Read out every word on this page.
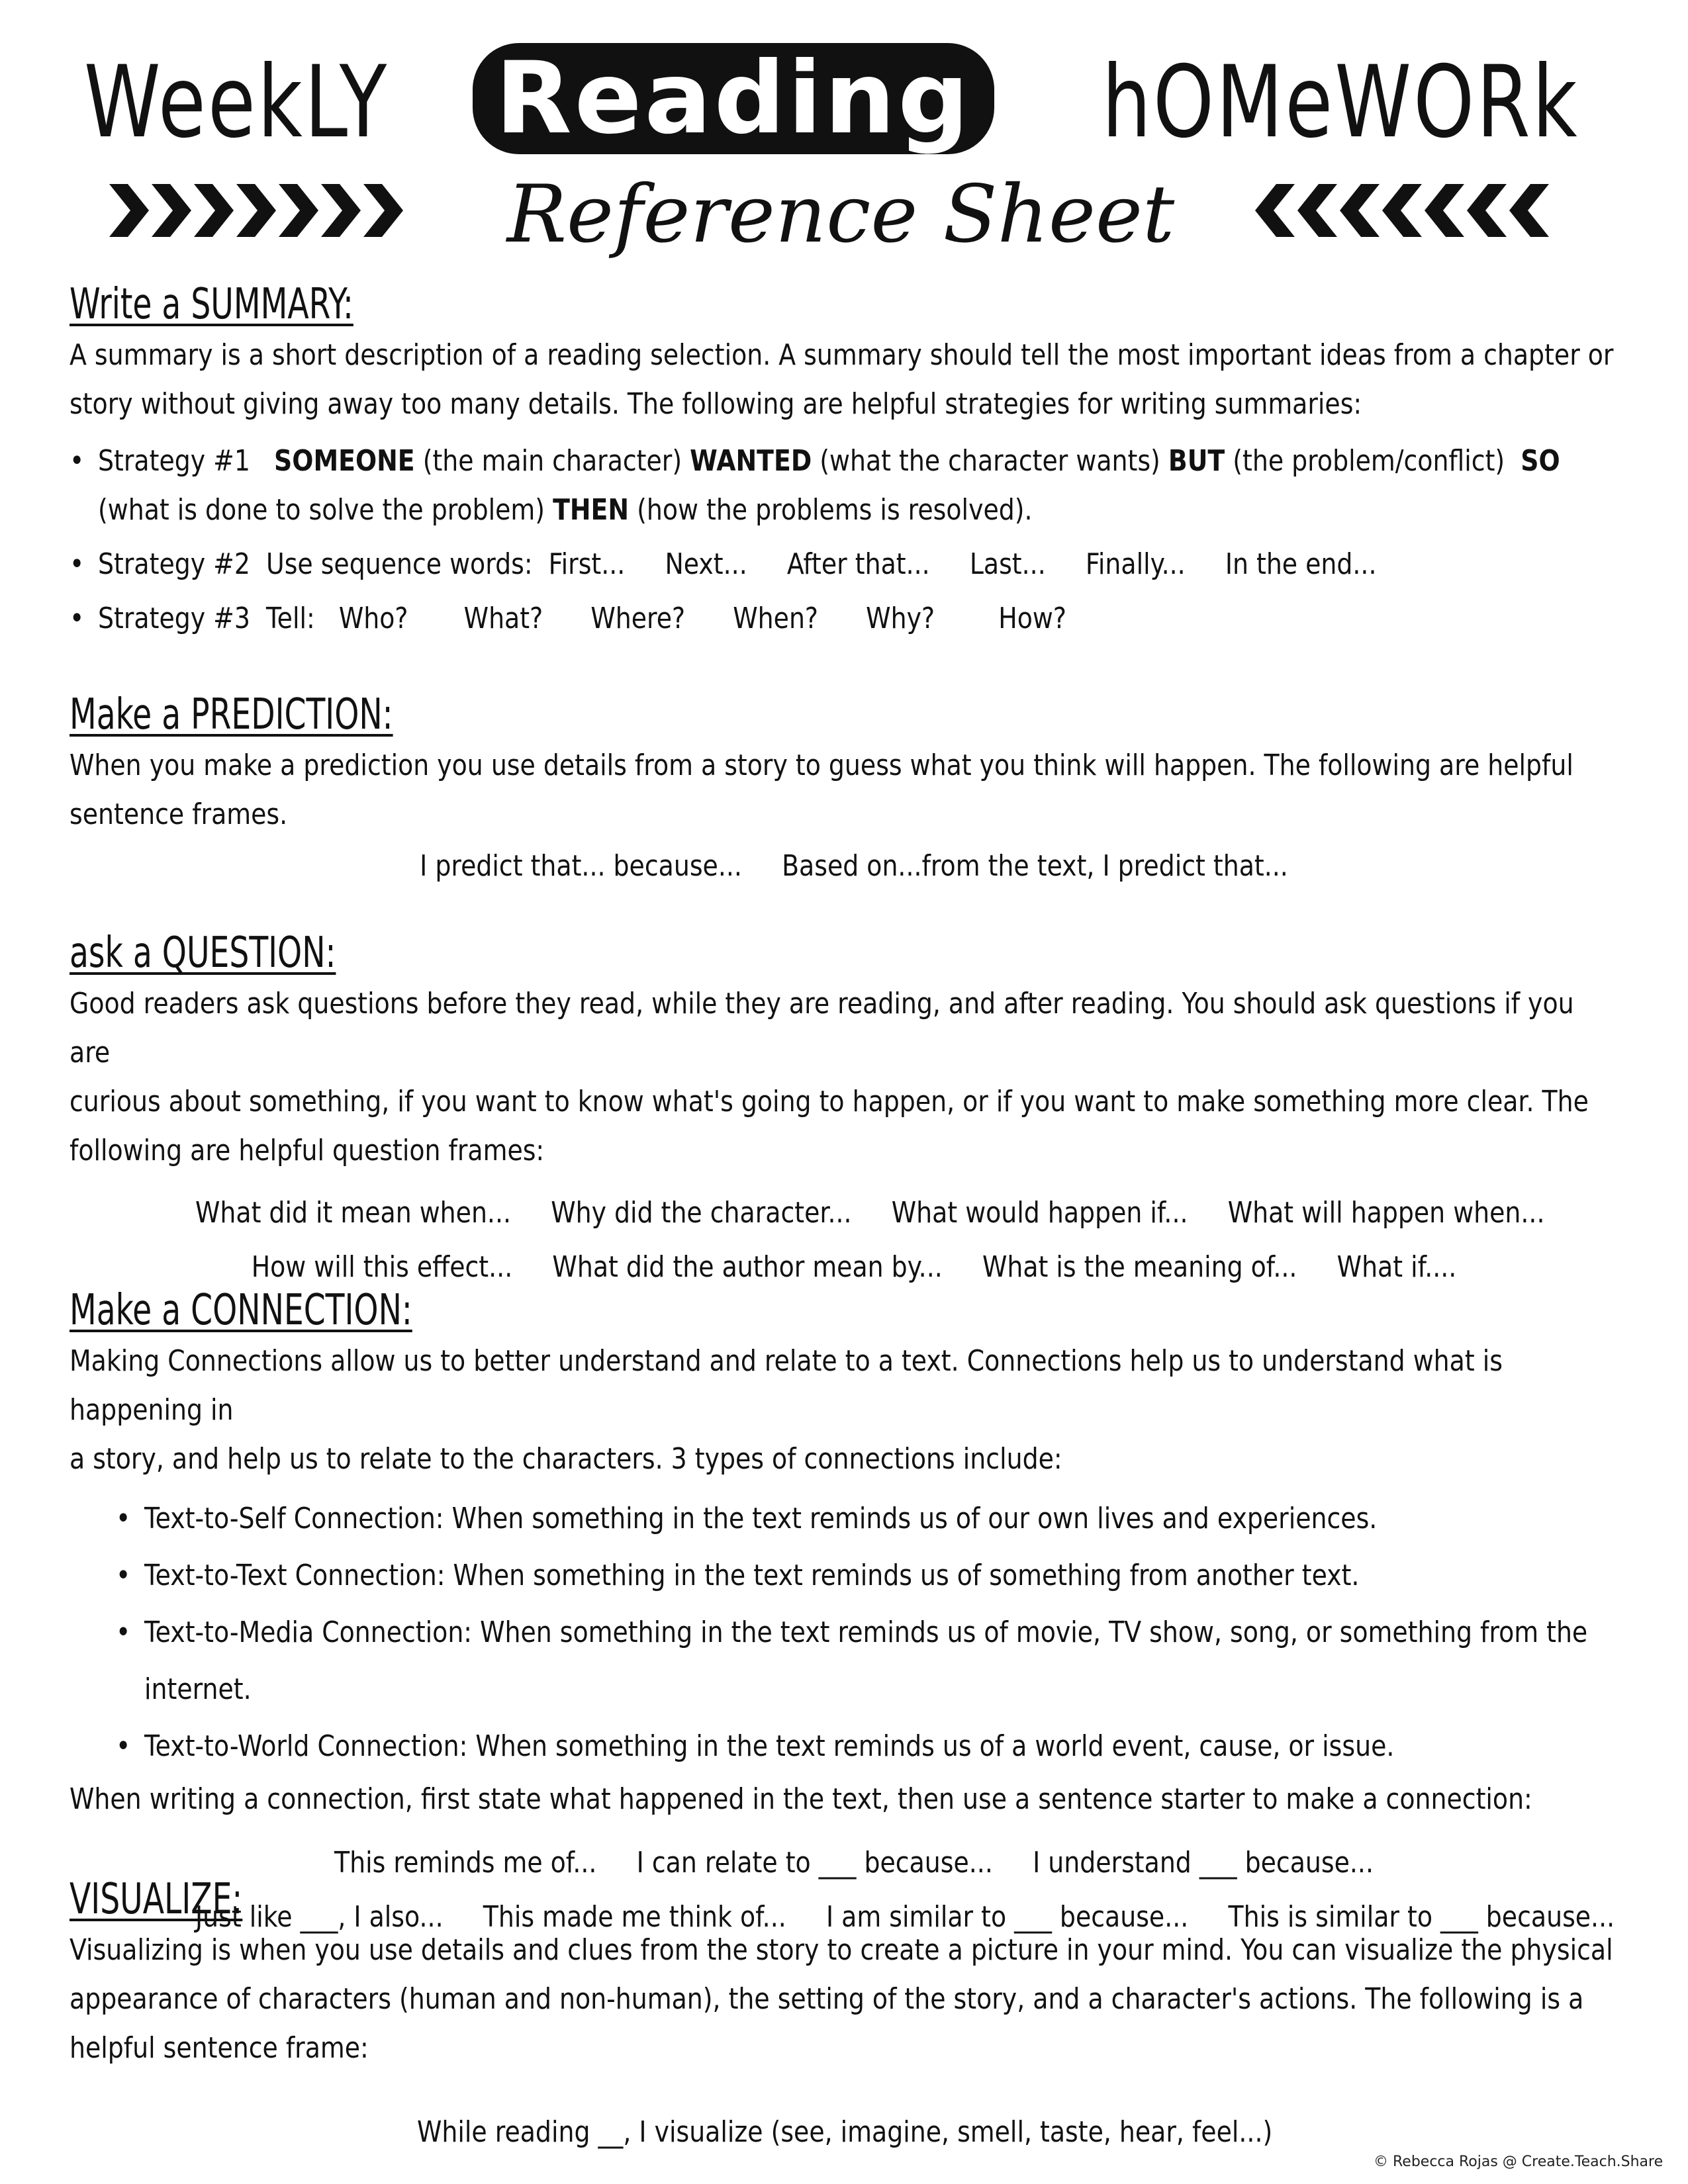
WeekLY Reading hOMeWORk
Reference Sheet
Write a SUMMARY:

A summary is a short description of a reading selection. A summary should tell the most important ideas from a chapter or

story without giving away too many details. The following are helpful strategies for writing summaries:

• Strategy #1 SOMEONE (the main character) WANTED (what the character wants) BUT (the problem/conflict) SO
(what is done to solve the problem) THEN (how the problems is resolved).
• Strategy #2  Use sequence words:  First...     Next...     After that...     Last...     Finally...     In the end...
• Strategy #3  Tell:   Who?       What?      Where?      When?      Why?        How?
Make a PREDICTION:

When you make a prediction you use details from a story to guess what you think will happen. The following are helpful

sentence frames.

I predict that... because... Based on...from the text, I predict that...
ask a QUESTION:

Good readers ask questions before they read, while they are reading, and after reading. You should ask questions if you are

curious about something, if you want to know what's going to happen, or if you want to make something more clear. The

following are helpful question frames:

What did it mean when... Why did the character... What would happen if... What will happen when...
How will this effect... What did the author mean by... What is the meaning of... What if....
Make a CONNECTION:

Making Connections allow us to better understand and relate to a text. Connections help us to understand what is happening in

a story, and help us to relate to the characters. 3 types of connections include:

• Text-to-Self Connection: When something in the text reminds us of our own lives and experiences.
• Text-to-Text Connection: When something in the text reminds us of something from another text.
• Text-to-Media Connection: When something in the text reminds us of movie, TV show, song, or something from the internet.
• Text-to-World Connection: When something in the text reminds us of a world event, cause, or issue.

When writing a connection, first state what happened in the text, then use a sentence starter to make a connection:

This reminds me of... I can relate to ___ because... I understand ___ because...
Just like ___, I also... This made me think of... I am similar to ___ because... This is similar to ___ because...
VISUALIZE:

Visualizing is when you use details and clues from the story to create a picture in your mind. You can visualize the physical

appearance of characters (human and non-human), the setting of the story, and a character's actions. The following is a

helpful sentence frame:

While reading __, I visualize (see, imagine, smell, taste, hear, feel...)
© Rebecca Rojas @ Create.Teach.Share
